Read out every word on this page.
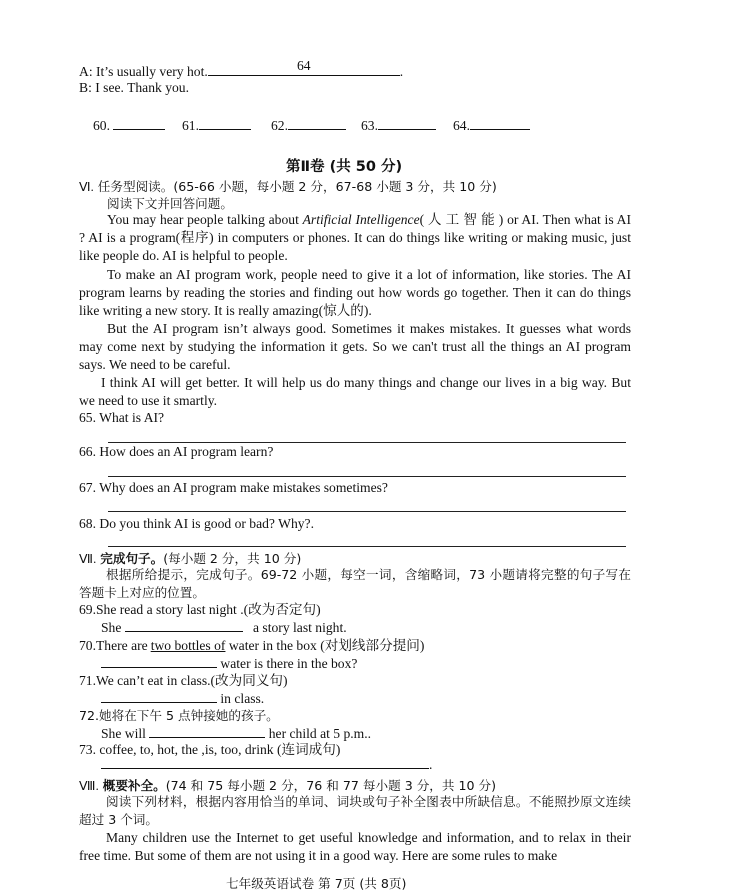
A: It’s usually very hot.	64	.
B: I see. Thank you.
60.	61.	62.	63.	64.
第Ⅱ卷 (共 50 分)
Ⅵ. 任务型阅读。(65-66 小题，每小题 2 分，67-68 小题 3 分，共 10 分)
阅读下文并回答问题。
You may hear people talking about Artificial Intelligence( 人 工 智 能 ) or AI. Then what is AI ? AI is a program(程序) in computers or phones. It can do things like writing or making music, just like people do. AI is helpful to people.
To make an AI program work, people need to give it a lot of information, like stories. The AI program learns by reading the stories and finding out how words go together. Then it can do things like writing a new story. It is really amazing(惊人的).
But the AI program isn’t always good. Sometimes it makes mistakes. It guesses what words may come next by studying the information it gets. So we can't trust all the things an AI program says. We need to be careful.
I think AI will get better. It will help us do many things and change our lives in a big way. But we need to use it smartly.
65. What is AI?
66. How does an AI program learn?
67. Why does an AI program make mistakes sometimes?
68. Do you think AI is good or bad? Why?.
Ⅶ. 完成句子。(每小题 2 分，共 10 分)
根据所给提示，完成句子。69-72 小题，每空一词，含缩略词，73 小题请将完整的句子写在答题卡上对应的位置。
69.She read a story last night .(改为否定句)
She	a story last night.
70.There are two bottles of water in the box (对划线部分提问)
water is there in the box?
71.We can’t eat in class.(改为同义句)
in class.
72.她将在下午 5 点钟接她的孩子。
She will	her child at 5 p.m..
73. coffee, to, hot, the ,is, too, drink (连词成句)
.
Ⅷ. 概要补全。(74 和 75 每小题 2 分，76 和 77 每小题 3 分，共 10 分)
阅读下列材料，根据内容用恰当的单词、词块或句子补全图表中所缺信息。不能照抄原文连续超过 3 个词。
Many children use the Internet to get useful knowledge and information, and to relax in their free time. But some of them are not using it in a good way. Here are some rules to make
七年级英语试卷 第 7页 (共 8页)
